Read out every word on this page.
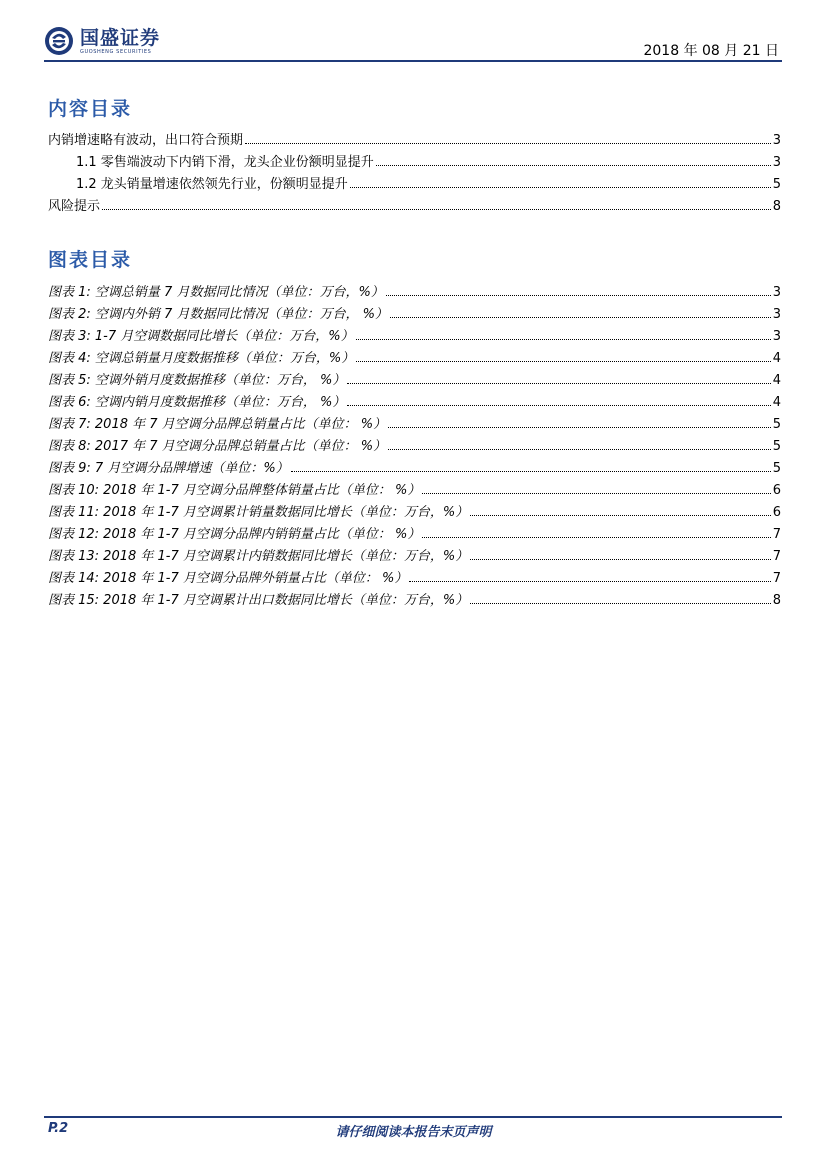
国盛证券
GUOSHENG SECURITIES	2018 年 08 月 21 日
内容目录
内销增速略有波动，出口符合预期	3
1.1 零售端波动下内销下滑，龙头企业份额明显提升	3
1.2 龙头销量增速依然领先行业，份额明显提升	5
风险提示	8
图表目录
图表 1: 空调总销量 7 月数据同比情况（单位：万台，%）	3
图表 2: 空调内外销 7 月数据同比情况（单位：万台， %）	3
图表 3: 1-7 月空调数据同比增长（单位：万台，%）	3
图表 4: 空调总销量月度数据推移（单位：万台，%）	4
图表 5: 空调外销月度数据推移（单位：万台， %）	4
图表 6: 空调内销月度数据推移（单位：万台， %）	4
图表 7: 2018 年 7 月空调分品牌总销量占比（单位： %）	5
图表 8: 2017 年 7 月空调分品牌总销量占比（单位： %）	5
图表 9: 7 月空调分品牌增速（单位：%）	5
图表 10: 2018 年 1-7 月空调分品牌整体销量占比（单位： %）	6
图表 11: 2018 年 1-7 月空调累计销量数据同比增长（单位：万台，%）	6
图表 12: 2018 年 1-7 月空调分品牌内销销量占比（单位： %）	7
图表 13: 2018 年 1-7 月空调累计内销数据同比增长（单位：万台，%）	7
图表 14: 2018 年 1-7 月空调分品牌外销量占比（单位： %）	7
图表 15: 2018 年 1-7 月空调累计出口数据同比增长（单位：万台，%）	8
P.2	请仔细阅读本报告末页声明
